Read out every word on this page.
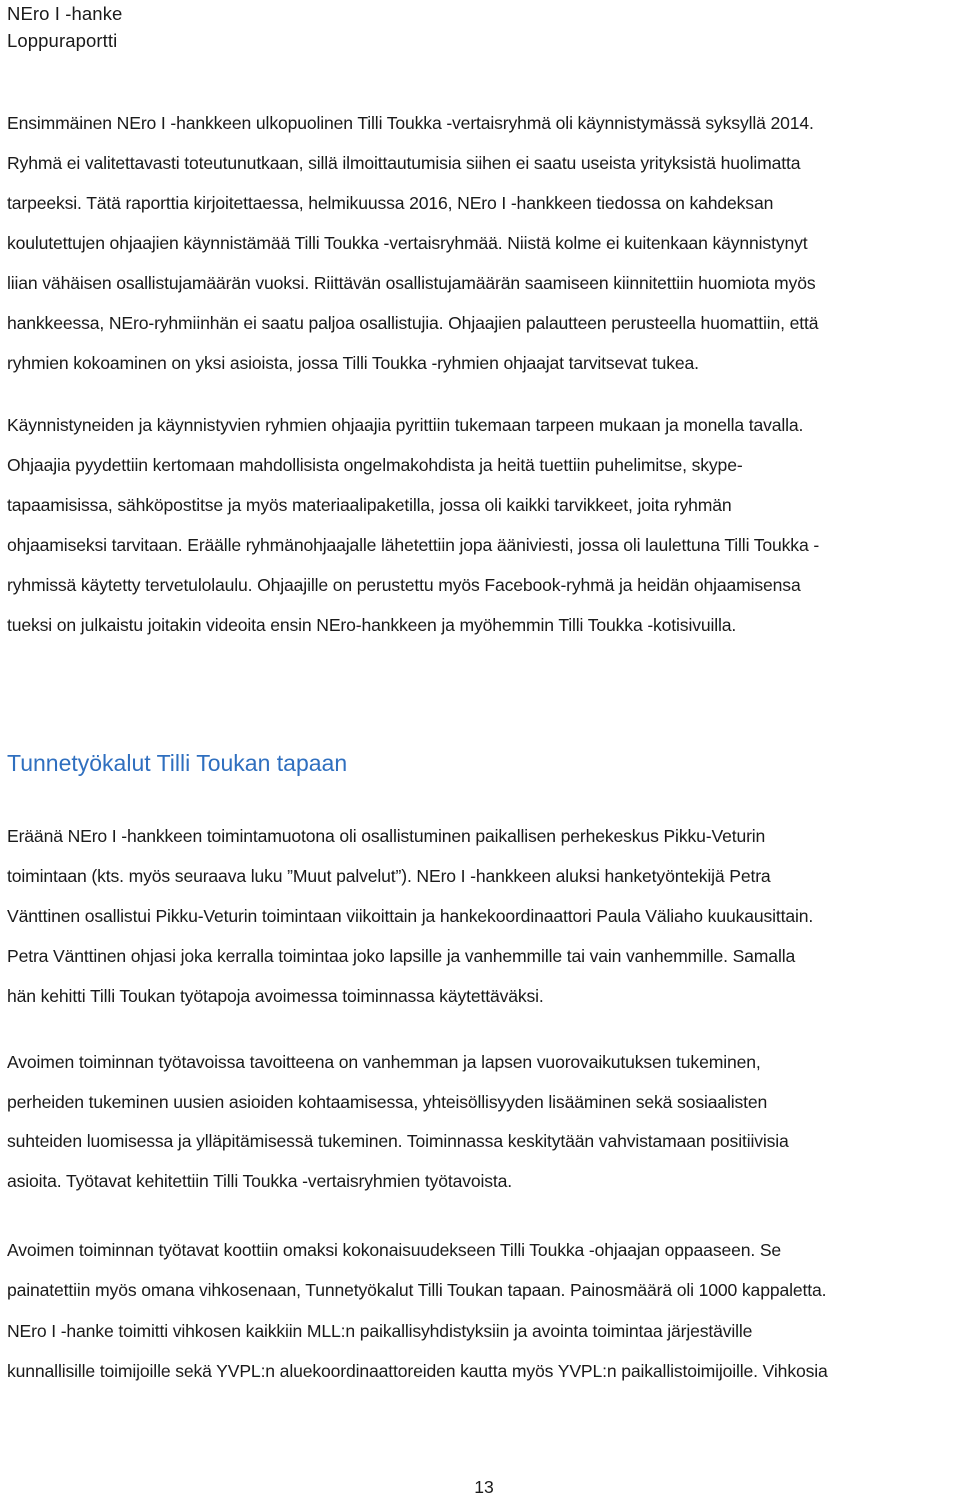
NEro I -hanke
Loppuraportti
Ensimmäinen NEro I -hankkeen ulkopuolinen Tilli Toukka -vertaisryhmä oli käynnistymässä syksyllä 2014.
Ryhmä ei valitettavasti toteutunutkaan, sillä ilmoittautumisia siihen ei saatu useista yrityksistä huolimatta
tarpeeksi. Tätä raporttia kirjoitettaessa, helmikuussa 2016, NEro I -hankkeen tiedossa on kahdeksan
koulutettujen ohjaajien käynnistämää Tilli Toukka -vertaisryhmää. Niistä kolme ei kuitenkaan käynnistynyt
liian vähäisen osallistujamäärän vuoksi. Riittävän osallistujamäärän saamiseen kiinnitettiin huomiota myös
hankkeessa, NEro-ryhmiinhän ei saatu paljoa osallistujia. Ohjaajien palautteen perusteella huomattiin, että
ryhmien kokoaminen on yksi asioista, jossa Tilli Toukka -ryhmien ohjaajat tarvitsevat tukea.
Käynnistyneiden ja käynnistyvien ryhmien ohjaajia pyrittiin tukemaan tarpeen mukaan ja monella tavalla.
Ohjaajia pyydettiin kertomaan mahdollisista ongelmakohdista ja heitä tuettiin puhelimitse, skype-
tapaamisissa, sähköpostitse ja myös materiaalipaketilla, jossa oli kaikki tarvikkeet, joita ryhmän
ohjaamiseksi tarvitaan. Eräälle ryhmänohjaajalle lähetettiin jopa ääniviesti, jossa oli laulettuna Tilli Toukka -
ryhmissä käytetty tervetulolaulu. Ohjaajille on perustettu myös Facebook-ryhmä ja heidän ohjaamisensa
tueksi on julkaistu joitakin videoita ensin NEro-hankkeen ja myöhemmin Tilli Toukka -kotisivuilla.
Tunnetyökalut Tilli Toukan tapaan
Eräänä NEro I -hankkeen toimintamuotona oli osallistuminen paikallisen perhekeskus Pikku-Veturin
toimintaan (kts. myös seuraava luku ”Muut palvelut”). NEro I -hankkeen aluksi hanketyöntekijä Petra
Vänttinen osallistui Pikku-Veturin toimintaan viikoittain ja hankekoordinaattori Paula Väliaho kuukausittain.
Petra Vänttinen ohjasi joka kerralla toimintaa joko lapsille ja vanhemmille tai vain vanhemmille. Samalla
hän kehitti Tilli Toukan työtapoja avoimessa toiminnassa käytettäväksi.
Avoimen toiminnan työtavoissa tavoitteena on vanhemman ja lapsen vuorovaikutuksen tukeminen,
perheiden tukeminen uusien asioiden kohtaamisessa, yhteisöllisyyden lisääminen sekä sosiaalisten
suhteiden luomisessa ja ylläpitämisessä tukeminen. Toiminnassa keskitytään vahvistamaan positiivisia
asioita. Työtavat kehitettiin Tilli Toukka -vertaisryhmien työtavoista.
Avoimen toiminnan työtavat koottiin omaksi kokonaisuudekseen Tilli Toukka -ohjaajan oppaaseen. Se
painatettiin myös omana vihkosenaan, Tunnetyökalut Tilli Toukan tapaan. Painosmäärä oli 1000 kappaletta.
NEro I -hanke toimitti vihkosen kaikkiin MLL:n paikallisyhdistyksiin ja avointa toimintaa järjestäville
kunnallisille toimijoille sekä YVPL:n aluekoordinaattoreiden kautta myös YVPL:n paikallistoimijoille. Vihkosia
13
